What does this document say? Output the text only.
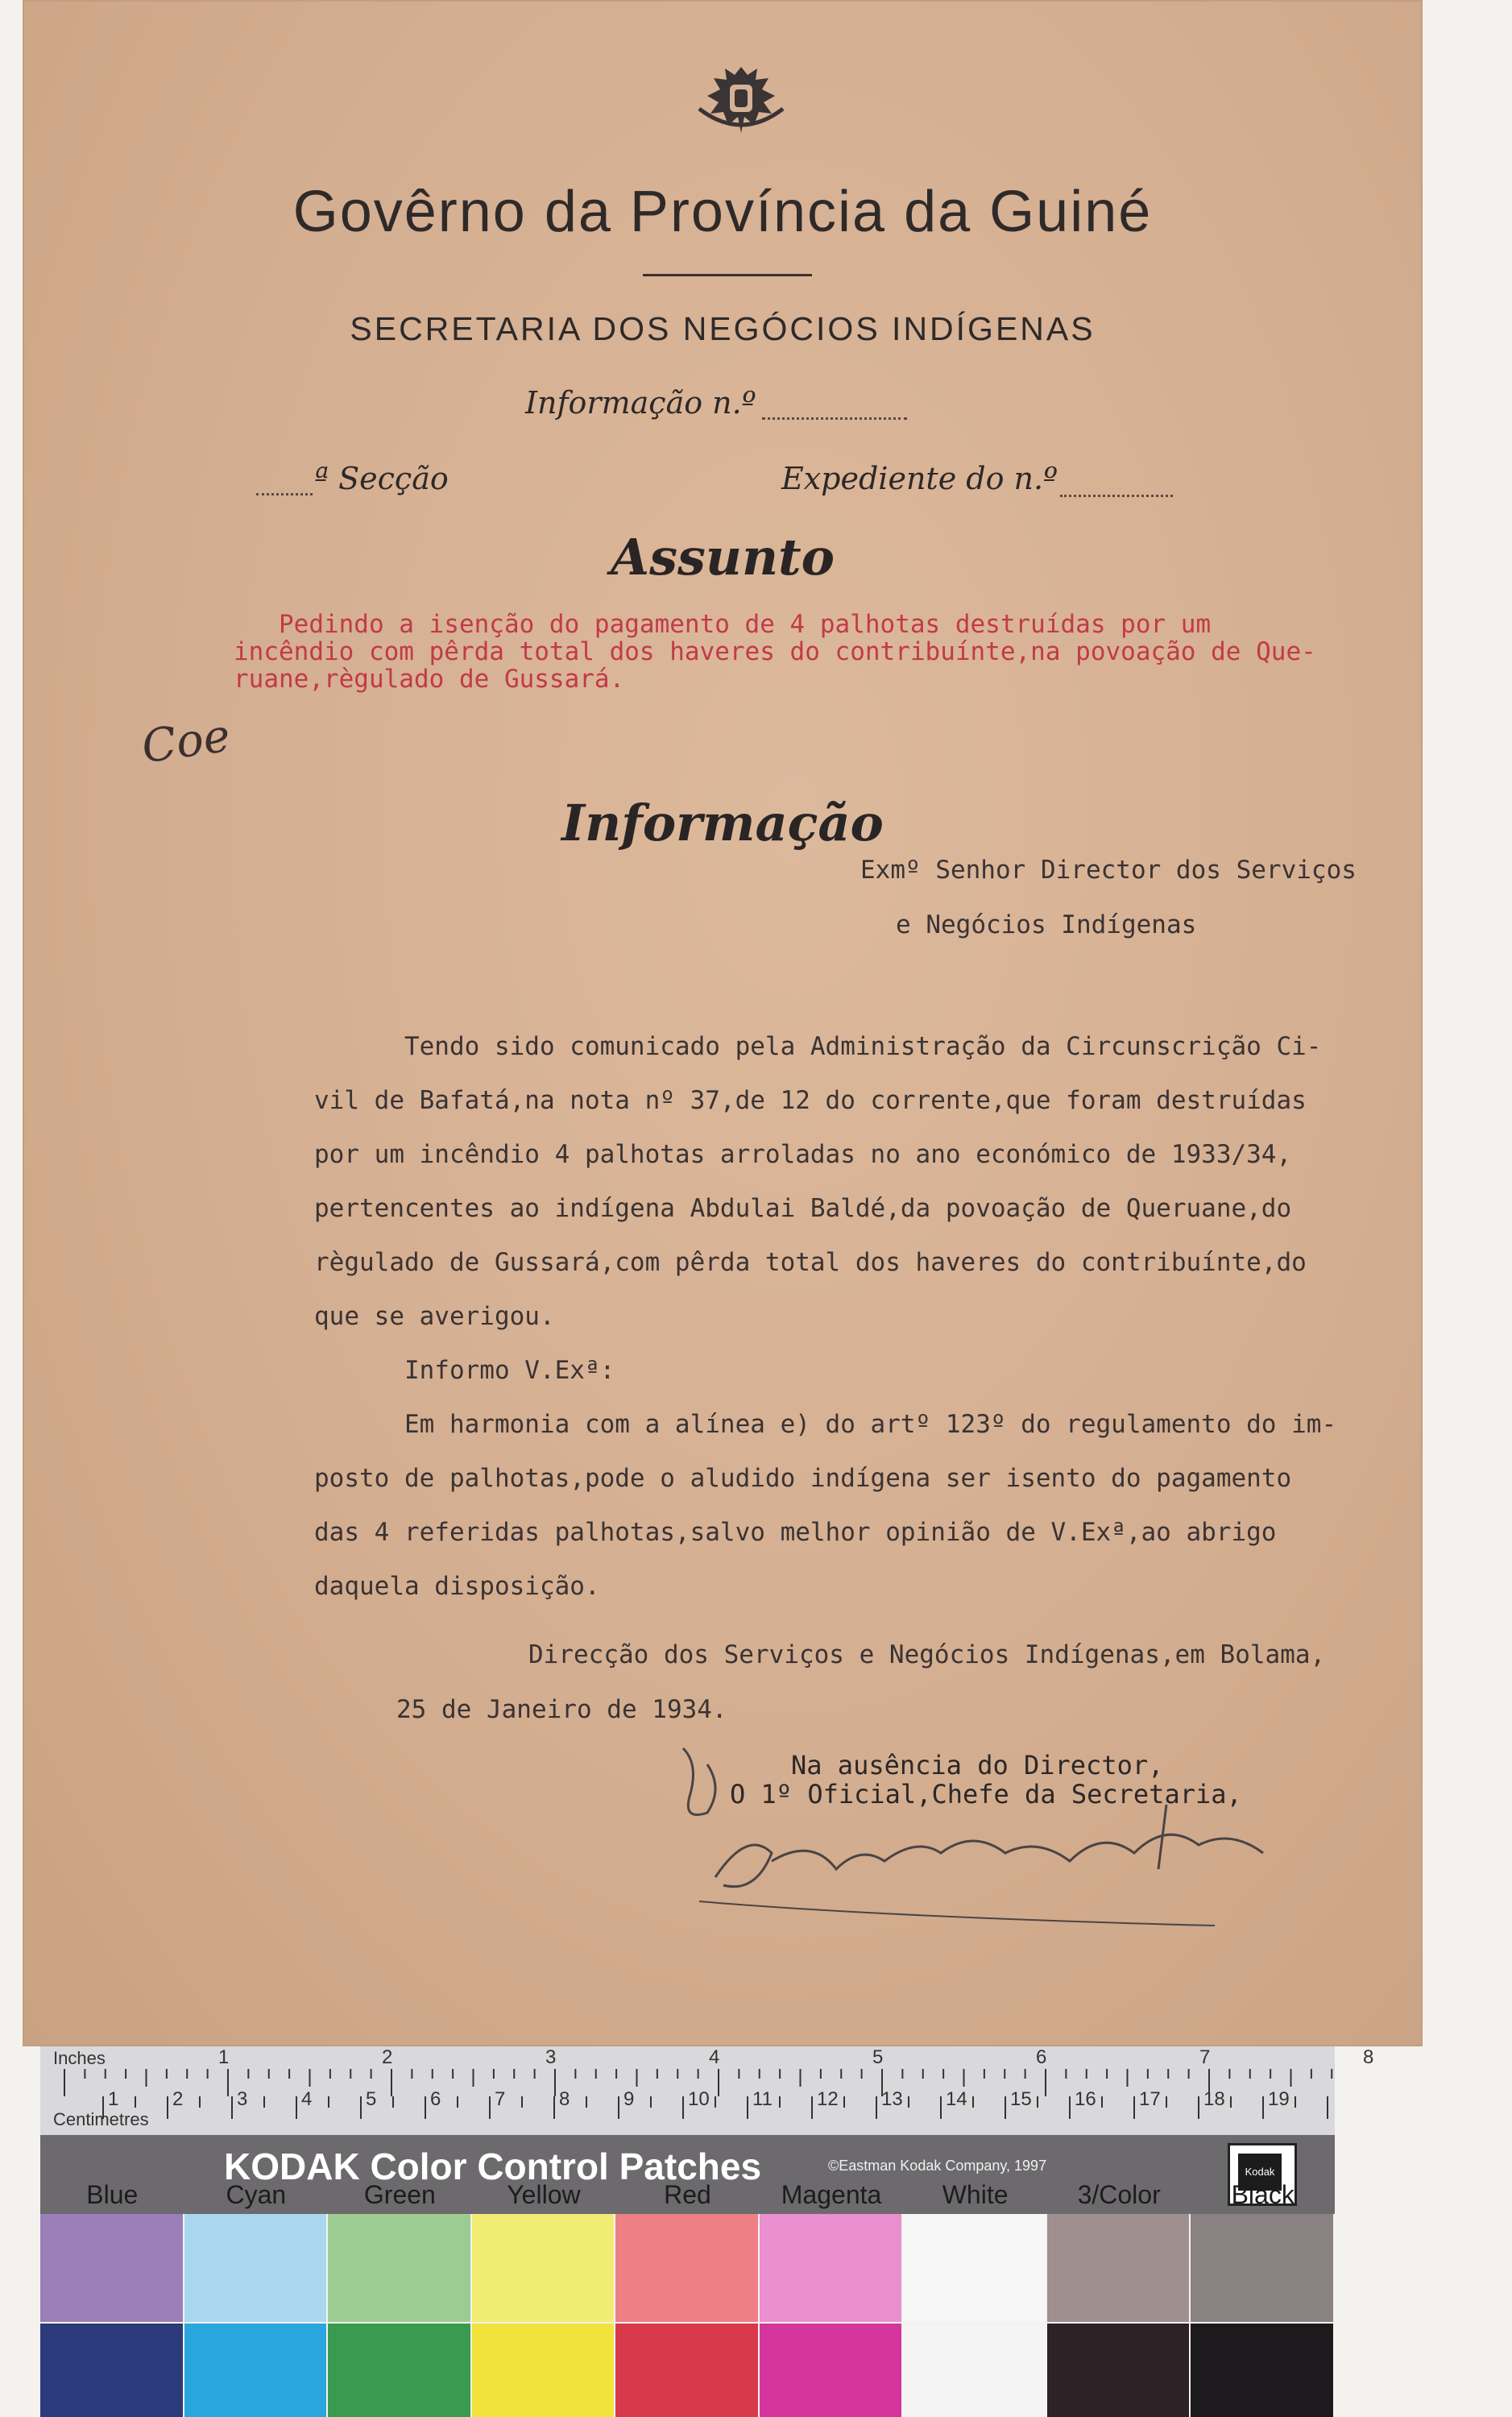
Govêrno da Província da Guiné
SECRETARIA DOS NEGÓCIOS INDÍGENAS
Informação n.º
ª Secção	Expediente do n.º
Assunto
Pedindo a isenção do pagamento de 4 palhotas destruídas por um
incêndio com pêrda total dos haveres do contribuínte,na povoação de Que-
ruane,règulado de Gussará.
Coe
Informação
Exmº Senhor Director dos Serviços
e Negócios Indígenas
Tendo sido comunicado pela Administração da Circunscrição Ci-
vil de Bafatá,na nota nº 37,de 12 do corrente,que foram destruídas
por um incêndio 4 palhotas arroladas no ano económico de 1933/34,
pertencentes ao indígena Abdulai Baldé,da povoação de Queruane,do
règulado de Gussará,com pêrda total dos haveres do contribuínte,do
que se averigou.
Informo V.Exª:
Em harmonia com a alínea e) do artº 123º do regulamento do im-
posto de palhotas,pode o aludido indígena ser isento do pagamento
das 4 referidas palhotas,salvo melhor opinião de V.Exª,ao abrigo
daquela disposição.
Direcção dos Serviços e Negócios Indígenas,em Bolama,
25 de Janeiro de 1934.
Na ausência do Director,
O 1º Oficial,Chefe da Secretaria,
Inches
Centimetres
1	2	3	4	5	6	7	8
1	2	3	4	5	6	7	8	9	10 11 12 13 14 15 16 17 18 19
KODAK Color Control Patches	©Eastman Kodak Company, 1997	Kodak
Blue	Cyan	Green	Yellow	Red	Magenta	White	3/Color	Black
